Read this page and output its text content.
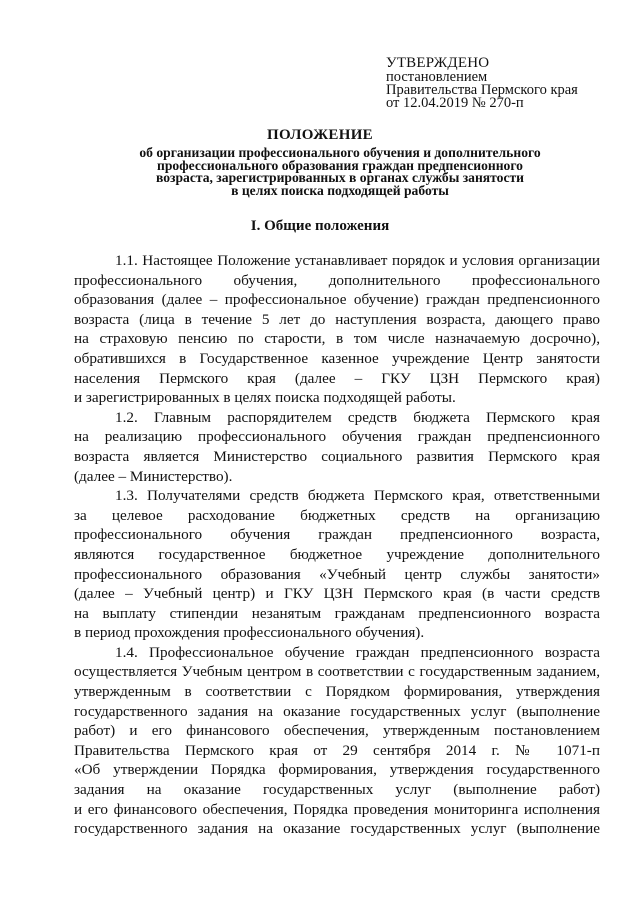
УТВЕРЖДЕНО
постановлением
Правительства Пермского края
от 12.04.2019 № 270-п
ПОЛОЖЕНИЕ
об организации профессионального обучения и дополнительного
профессионального образования граждан предпенсионного
возраста, зарегистрированных в органах службы занятости
в целях поиска подходящей работы
I. Общие положения
1.1. Настоящее Положение устанавливает порядок и условия организации
профессионального обучения, дополнительного профессионального
образования (далее – профессиональное обучение) граждан предпенсионного
возраста (лица в течение 5 лет до наступления возраста, дающего право
на страховую пенсию по старости, в том числе назначаемую досрочно),
обратившихся в Государственное казенное учреждение Центр занятости
населения Пермского края (далее – ГКУ ЦЗН Пермского края)
и зарегистрированных в целях поиска подходящей работы.
1.2. Главным распорядителем средств бюджета Пермского края
на реализацию профессионального обучения граждан предпенсионного
возраста является Министерство социального развития Пермского края
(далее – Министерство).
1.3. Получателями средств бюджета Пермского края, ответственными
за целевое расходование бюджетных средств на организацию
профессионального обучения граждан предпенсионного возраста,
являются государственное бюджетное учреждение дополнительного
профессионального образования «Учебный центр службы занятости»
(далее – Учебный центр) и ГКУ ЦЗН Пермского края (в части средств
на выплату стипендии незанятым гражданам предпенсионного возраста
в период прохождения профессионального обучения).
1.4. Профессиональное обучение граждан предпенсионного возраста
осуществляется Учебным центром в соответствии с государственным заданием,
утвержденным в соответствии с Порядком формирования, утверждения
государственного задания на оказание государственных услуг (выполнение
работ) и его финансового обеспечения, утвержденным постановлением
Правительства Пермского края от 29 сентября 2014 г. № 1071-п
«Об утверждении Порядка формирования, утверждения государственного
задания на оказание государственных услуг (выполнение работ)
и его финансового обеспечения, Порядка проведения мониторинга исполнения
государственного задания на оказание государственных услуг (выполнение
